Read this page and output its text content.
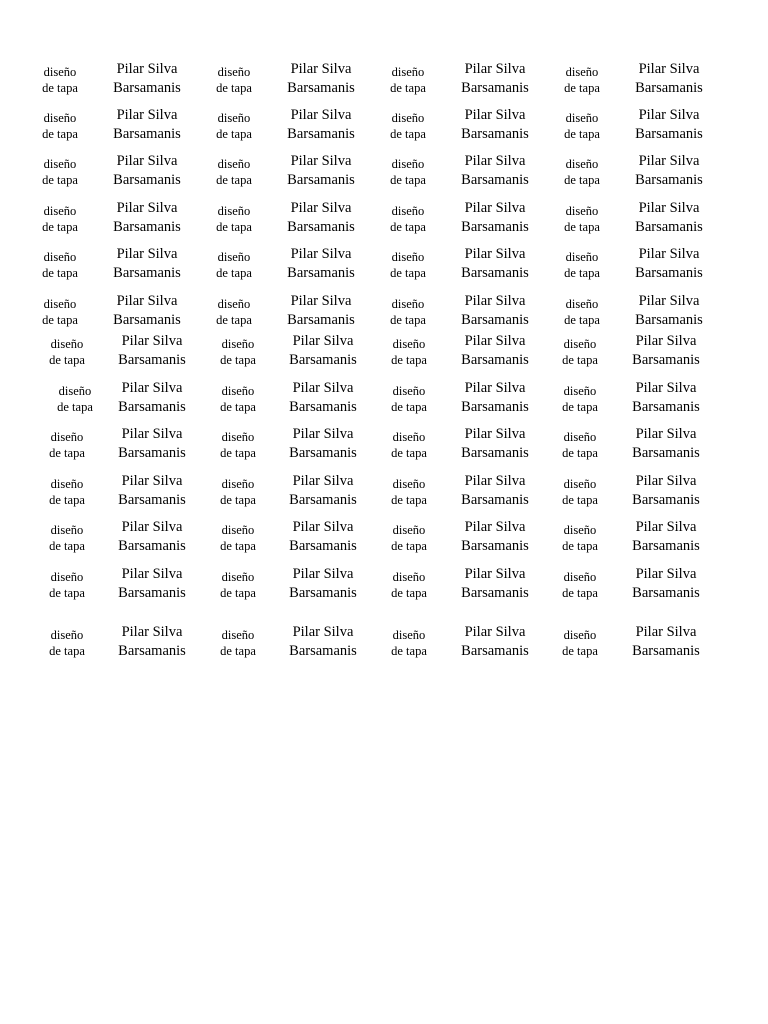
diseño
de tapa
Pilar Silva
Barsamanis
diseño
de tapa
Pilar Silva
Barsamanis
diseño
de tapa
Pilar Silva
Barsamanis
diseño
de tapa
Pilar Silva
Barsamanis
diseño
de tapa
Pilar Silva
Barsamanis
diseño
de tapa
Pilar Silva
Barsamanis
diseño
de tapa
Pilar Silva
Barsamanis
diseño
de tapa
Pilar Silva
Barsamanis
diseño
de tapa
Pilar Silva
Barsamanis
diseño
de tapa
Pilar Silva
Barsamanis
diseño
de tapa
Pilar Silva
Barsamanis
diseño
de tapa
Pilar Silva
Barsamanis
diseño
de tapa
Pilar Silva
Barsamanis
diseño
de tapa
Pilar Silva
Barsamanis
diseño
de tapa
Pilar Silva
Barsamanis
diseño
de tapa
Pilar Silva
Barsamanis
diseño
de tapa
Pilar Silva
Barsamanis
diseño
de tapa
Pilar Silva
Barsamanis
diseño
de tapa
Pilar Silva
Barsamanis
diseño
de tapa
Pilar Silva
Barsamanis
diseño
de tapa
Pilar Silva
Barsamanis
diseño
de tapa
Pilar Silva
Barsamanis
diseño
de tapa
Pilar Silva
Barsamanis
diseño
de tapa
Pilar Silva
Barsamanis
diseño
de tapa
Pilar Silva
Barsamanis
diseño
de tapa
Pilar Silva
Barsamanis
diseño
de tapa
Pilar Silva
Barsamanis
diseño
de tapa
Pilar Silva
Barsamanis
diseño
de tapa
Pilar Silva
Barsamanis
diseño
de tapa
Pilar Silva
Barsamanis
diseño
de tapa
Pilar Silva
Barsamanis
diseño
de tapa
Pilar Silva
Barsamanis
diseño
de tapa
Pilar Silva
Barsamanis
diseño
de tapa
Pilar Silva
Barsamanis
diseño
de tapa
Pilar Silva
Barsamanis
diseño
de tapa
Pilar Silva
Barsamanis
diseño
de tapa
Pilar Silva
Barsamanis
diseño
de tapa
Pilar Silva
Barsamanis
diseño
de tapa
Pilar Silva
Barsamanis
diseño
de tapa
Pilar Silva
Barsamanis
diseño
de tapa
Pilar Silva
Barsamanis
diseño
de tapa
Pilar Silva
Barsamanis
diseño
de tapa
Pilar Silva
Barsamanis
diseño
de tapa
Pilar Silva
Barsamanis
diseño
de tapa
Pilar Silva
Barsamanis
diseño
de tapa
Pilar Silva
Barsamanis
diseño
de tapa
Pilar Silva
Barsamanis
diseño
de tapa
Pilar Silva
Barsamanis
diseño
de tapa
Pilar Silva
Barsamanis
diseño
de tapa
Pilar Silva
Barsamanis
diseño
de tapa
Pilar Silva
Barsamanis
diseño
de tapa
Pilar Silva
Barsamanis
